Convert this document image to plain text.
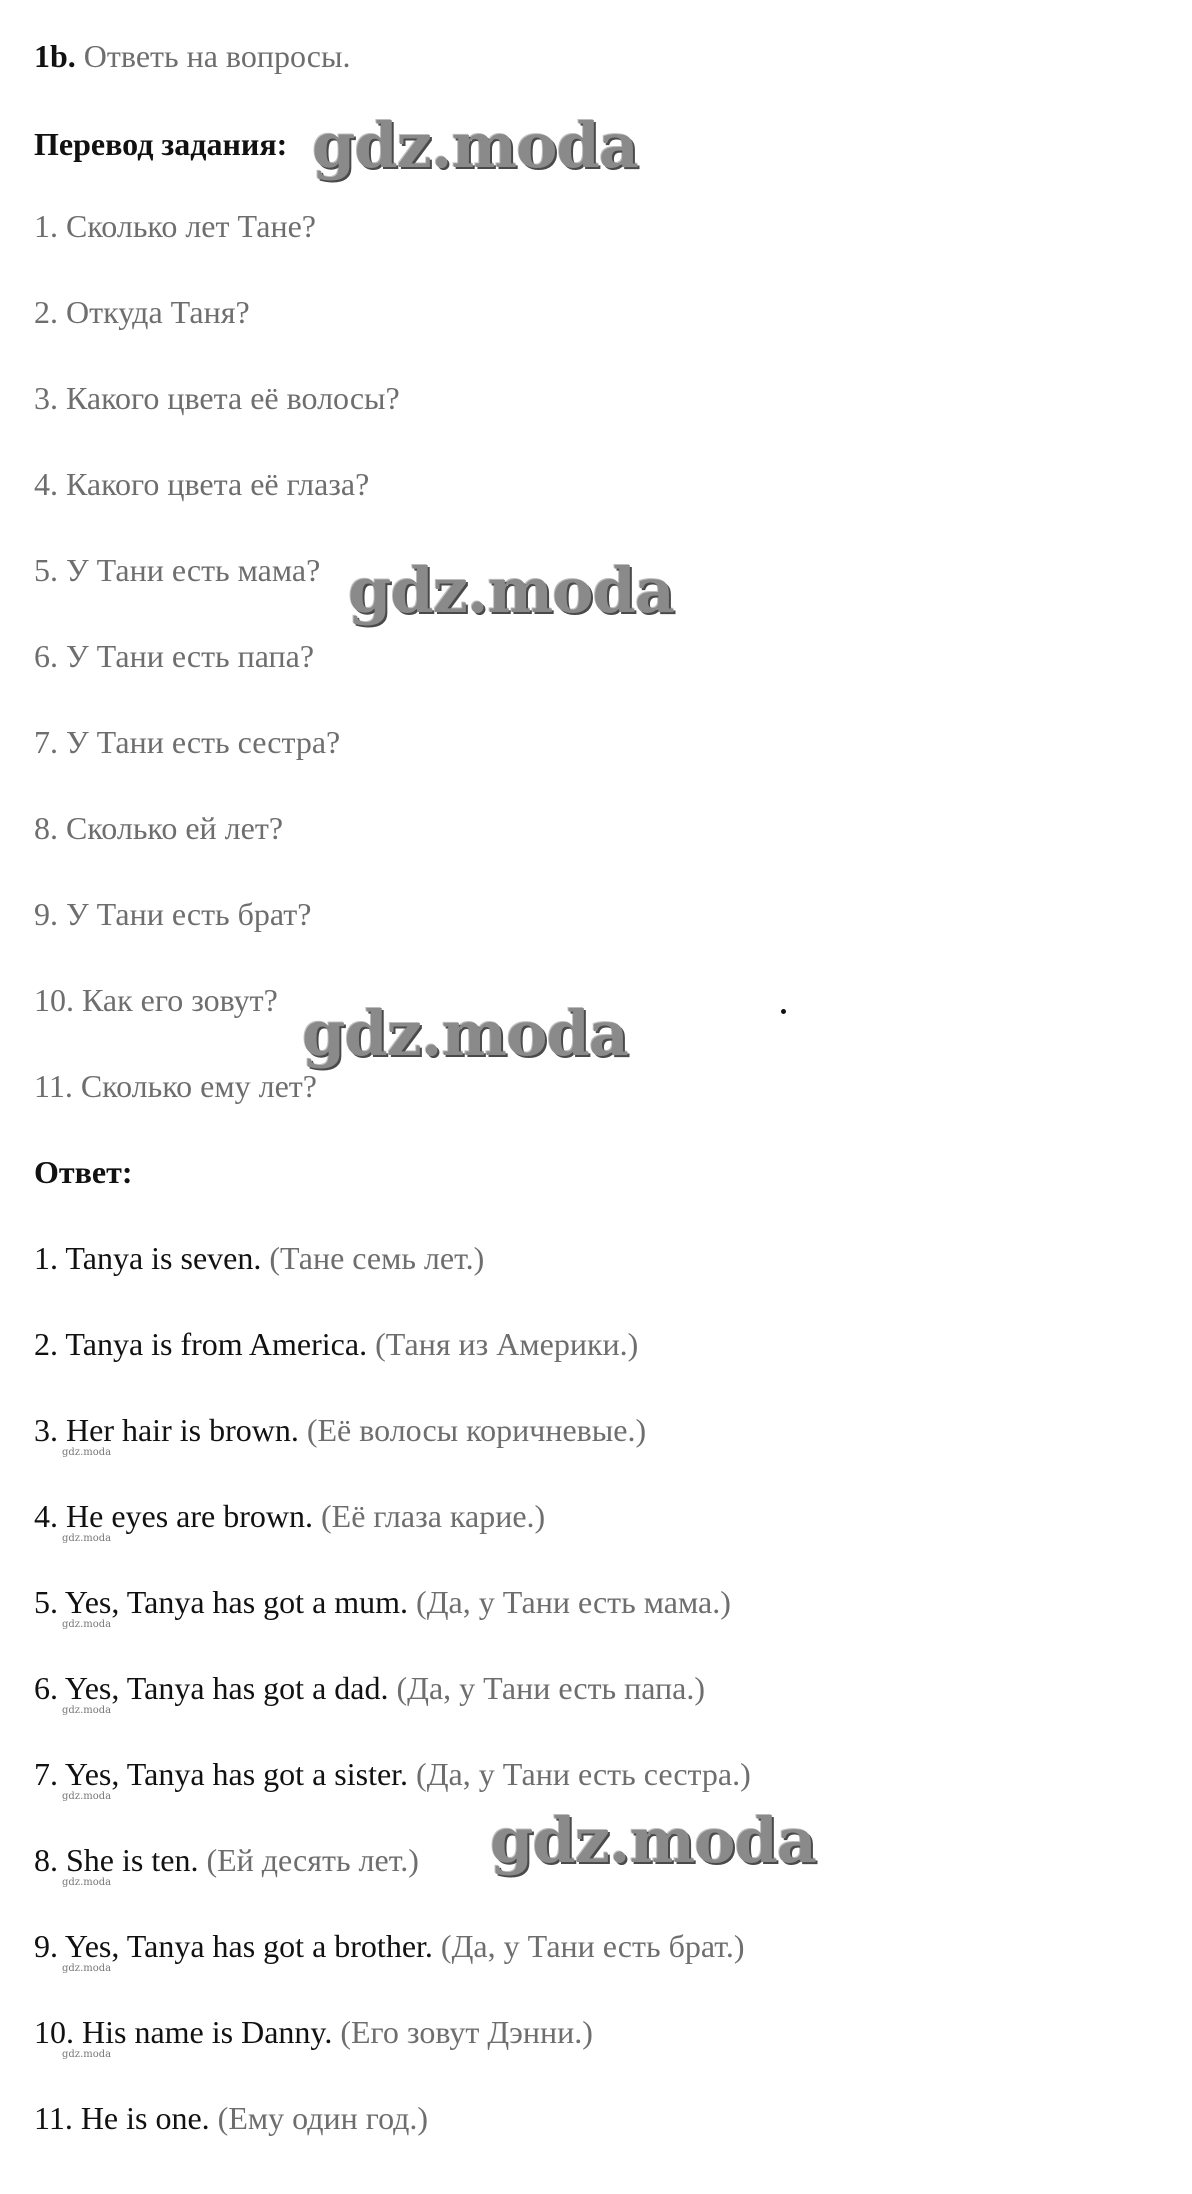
1b. Ответь на вопросы.
Перевод задания:
1. Сколько лет Тане?
2. Откуда Таня?
3. Какого цвета её волосы?
4. Какого цвета её глаза?
5. У Тани есть мама?
6. У Тани есть папа?
7. У Тани есть сестра?
8. Сколько ей лет?
9. У Тани есть брат?
10. Как его зовут?
11. Сколько ему лет?
Ответ:
1. Tanya is seven. (Тане семь лет.)
2. Tanya is from America. (Таня из Америки.)
3. Her hair is brown. (Её волосы коричневые.)
4. He eyes are brown. (Её глаза карие.)
5. Yes, Tanya has got a mum. (Да, у Тани есть мама.)
6. Yes, Tanya has got a dad. (Да, у Тани есть папа.)
7. Yes, Tanya has got a sister. (Да, у Тани есть сестра.)
8. She is ten. (Ей десять лет.)
9. Yes, Tanya has got a brother. (Да, у Тани есть брат.)
10. His name is Danny. (Его зовут Дэнни.)
11. He is one. (Ему один год.)
gdz.moda
gdz.moda
gdz.moda
gdz.moda
gdz.moda
gdz.moda
gdz.moda
gdz.moda
gdz.moda
gdz.moda
gdz.moda
gdz.moda
